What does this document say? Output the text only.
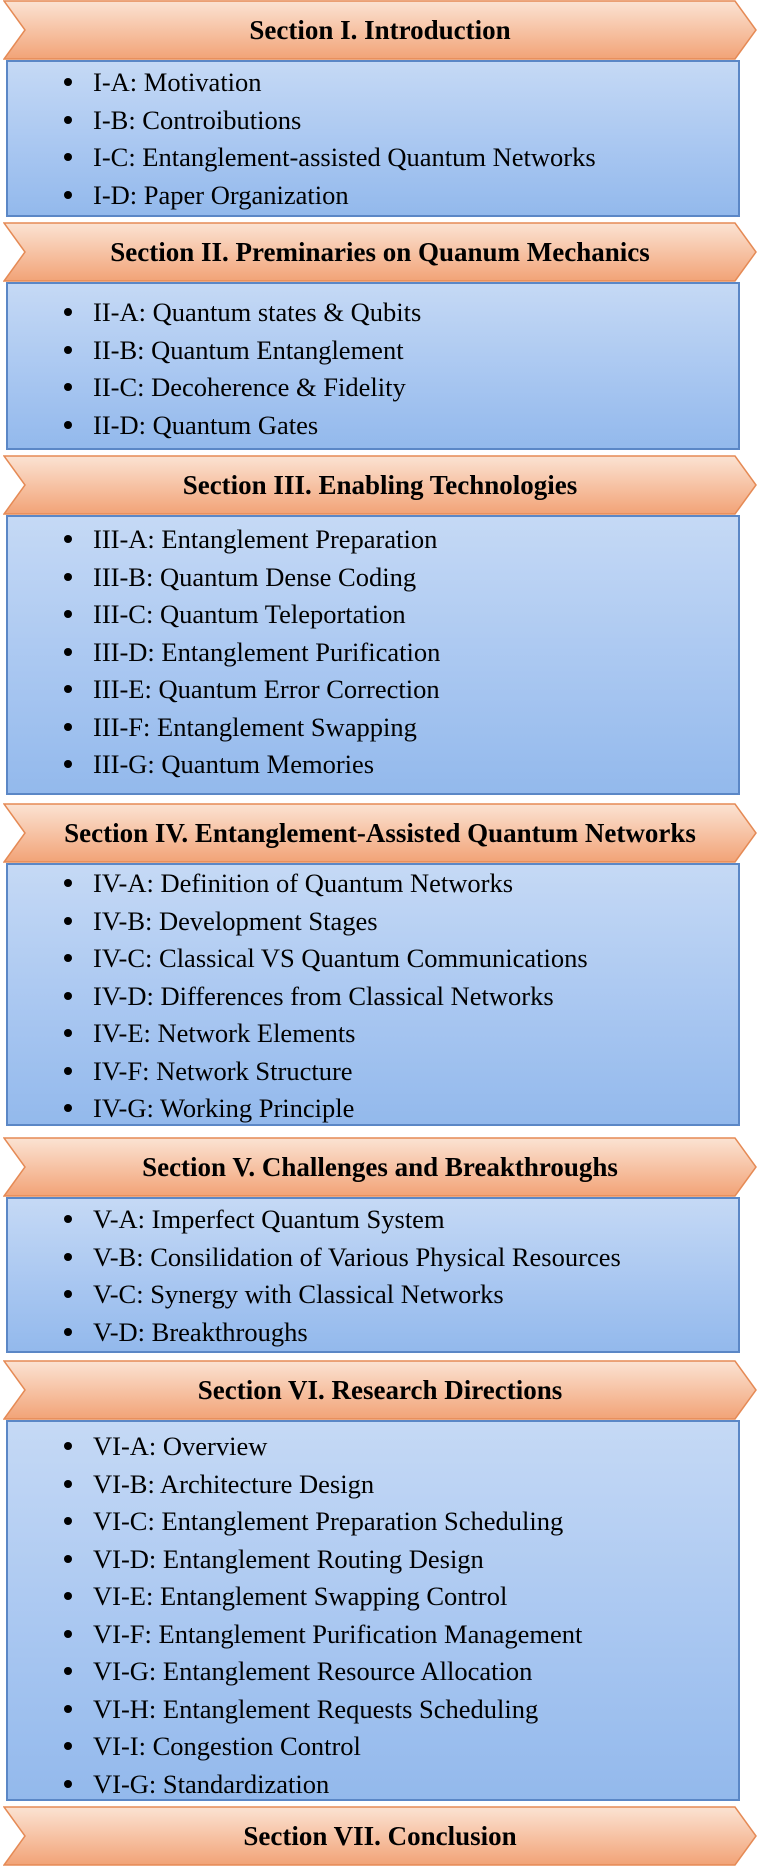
Section I. Introduction
I-A: Motivation
I-B: Controibutions
I-C: Entanglement-assisted Quantum Networks
I-D: Paper Organization
Section II. Preminaries on Quanum Mechanics
II-A: Quantum states & Qubits
II-B: Quantum Entanglement
II-C: Decoherence & Fidelity
II-D: Quantum Gates
Section III. Enabling Technologies
III-A: Entanglement Preparation
III-B: Quantum Dense Coding
III-C: Quantum Teleportation
III-D: Entanglement Purification
III-E: Quantum Error Correction
III-F: Entanglement Swapping
III-G: Quantum Memories
Section IV. Entanglement-Assisted Quantum Networks
IV-A: Definition of Quantum Networks
IV-B: Development Stages
IV-C: Classical VS Quantum Communications
IV-D: Differences from Classical Networks
IV-E: Network Elements
IV-F: Network Structure
IV-G: Working Principle
Section V. Challenges and Breakthroughs
V-A: Imperfect Quantum System
V-B: Consilidation of Various Physical Resources
V-C: Synergy with Classical Networks
V-D: Breakthroughs
Section VI. Research Directions
VI-A: Overview
VI-B: Architecture Design
VI-C: Entanglement Preparation Scheduling
VI-D: Entanglement Routing Design
VI-E: Entanglement Swapping Control
VI-F: Entanglement Purification Management
VI-G: Entanglement Resource Allocation
VI-H: Entanglement Requests Scheduling
VI-I: Congestion Control
VI-G: Standardization
Section VII. Conclusion
